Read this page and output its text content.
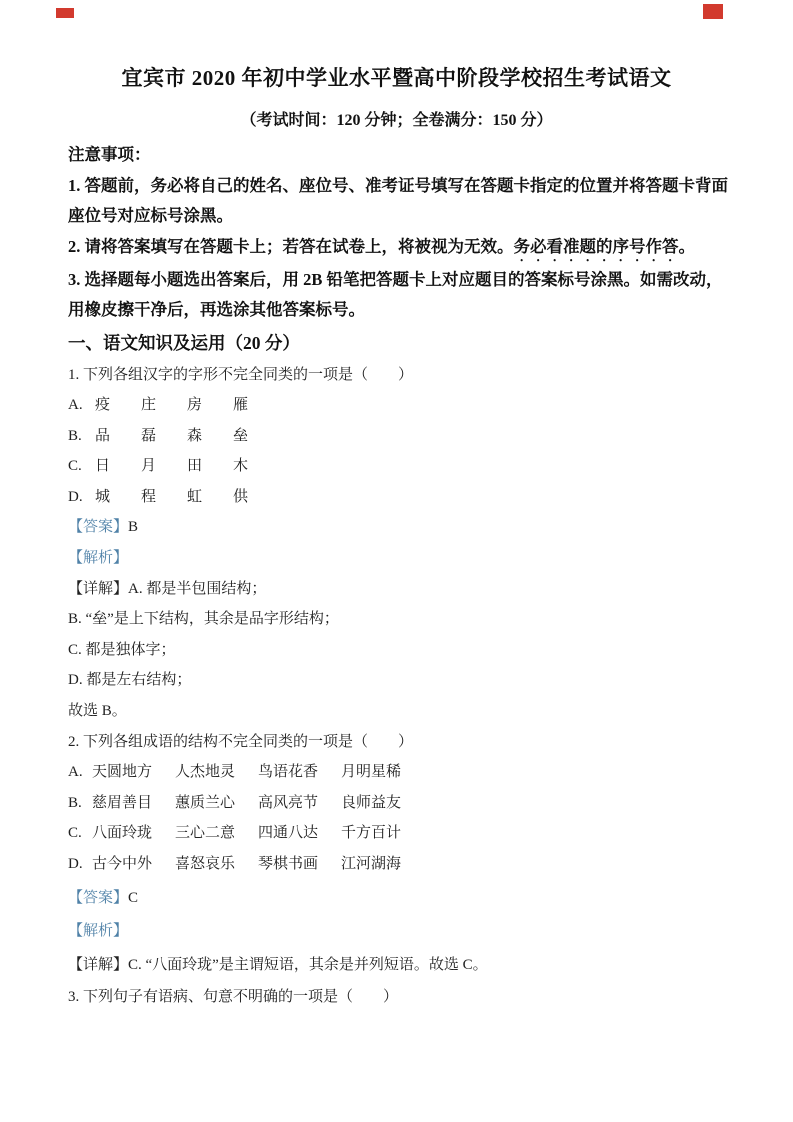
宜宾市 2020 年初中学业水平暨高中阶段学校招生考试语文
（考试时间：120 分钟；全卷满分：150 分）

注意事项：

1. 答题前，务必将自己的姓名、座位号、准考证号填写在答题卡指定的位置并将答题卡背面

座位号对应标号涂黑。

2. 请将答案填写在答题卡上；若答在试卷上，将被视为无效。务必看准题的序号作答。

3. 选择题每小题选出答案后，用 2B 铅笔把答题卡上对应题目的答案标号涂黑。如需改动，

用橡皮擦干净后，再选涂其他答案标号。

一、语文知识及运用（20 分）

1. 下列各组汉字的字形不完全同类的一项是（　　）

A. 疫 庄 房 雁
B. 品 磊 森 垒
C. 日 月 田 木
D. 城 程 虹 供

【答案】B

【解析】

【详解】A. 都是半包围结构；

B. “垒”是上下结构，其余是品字形结构；

C. 都是独体字；

D. 都是左右结构；

故选 B。

2. 下列各组成语的结构不完全同类的一项是（　　）

A. 天圆地方 人杰地灵 鸟语花香 月明星稀
B. 慈眉善目 蕙质兰心 高风亮节 良师益友
C. 八面玲珑 三心二意 四通八达 千方百计
D. 古今中外 喜怒哀乐 琴棋书画 江河湖海

【答案】C

【解析】

【详解】C. “八面玲珑”是主谓短语，其余是并列短语。故选 C。

3. 下列句子有语病、句意不明确的一项是（　　）
